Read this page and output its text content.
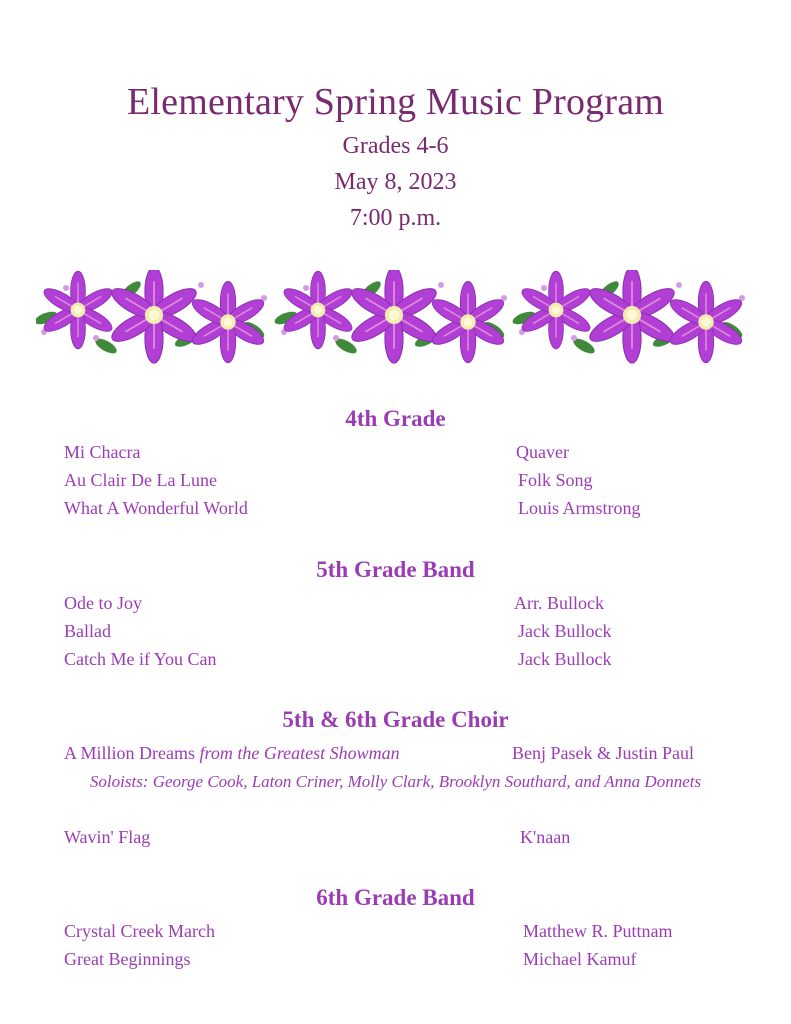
Elementary Spring Music Program
Grades 4-6
May 8, 2023
7:00 p.m.
4th Grade
Mi Chacra	Quaver
Au Clair De La Lune	Folk Song
What A Wonderful World	Louis Armstrong
5th Grade Band
Ode to Joy	Arr. Bullock
Ballad	Jack Bullock
Catch Me if You Can	Jack Bullock
5th & 6th Grade Choir
A Million Dreams from the Greatest Showman	Benj Pasek & Justin Paul
Soloists: George Cook, Laton Criner, Molly Clark, Brooklyn Southard, and Anna Donnets
Wavin' Flag	K'naan
6th Grade Band
Crystal Creek March	Matthew R. Puttnam
Great Beginnings	Michael Kamuf
